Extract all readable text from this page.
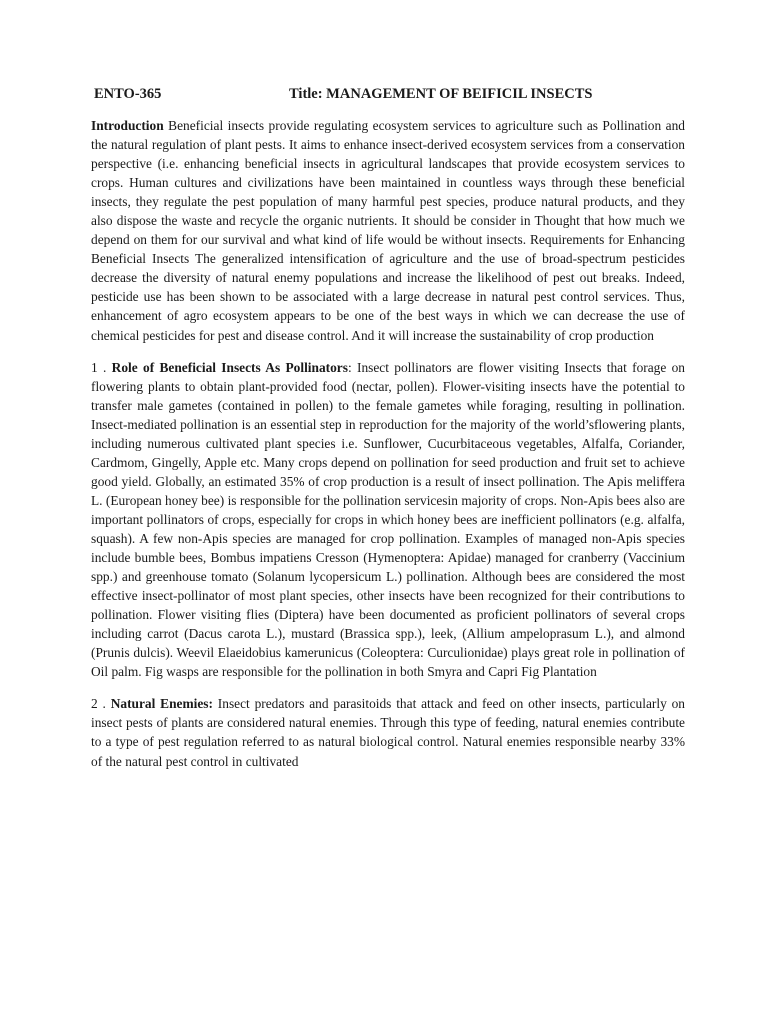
ENTO-365	Title: MANAGEMENT OF BEIFICIL INSECTS

Introduction Beneficial insects provide regulating ecosystem services to agriculture such as Pollination and the natural regulation of plant pests. It aims to enhance insect-derived ecosystem services from a conservation perspective (i.e. enhancing beneficial insects in agricultural landscapes that provide ecosystem services to crops. Human cultures and civilizations have been maintained in countless ways through these beneficial insects, they regulate the pest population of many harmful pest species, produce natural products, and they also dispose the waste and recycle the organic nutrients. It should be consider in Thought that how much we depend on them for our survival and what kind of life would be without insects. Requirements for Enhancing Beneficial Insects The generalized intensification of agriculture and the use of broad-spectrum pesticides decrease the diversity of natural enemy populations and increase the likelihood of pest out breaks. Indeed, pesticide use has been shown to be associated with a large decrease in natural pest control services. Thus, enhancement of agro ecosystem appears to be one of the best ways in which we can decrease the use of chemical pesticides for pest and disease control. And it will increase the sustainability of crop production

1 . Role of Beneficial Insects As Pollinators: Insect pollinators are flower visiting Insects that forage on flowering plants to obtain plant-provided food (nectar, pollen). Flower-visiting insects have the potential to transfer male gametes (contained in pollen) to the female gametes while foraging, resulting in pollination. Insect-mediated pollination is an essential step in reproduction for the majority of the world’sflowering plants, including numerous cultivated plant species i.e. Sunflower, Cucurbitaceous vegetables, Alfalfa, Coriander, Cardmom, Gingelly, Apple etc. Many crops depend on pollination for seed production and fruit set to achieve good yield. Globally, an estimated 35% of crop production is a result of insect pollination. The Apis meliffera L. (European honey bee) is responsible for the pollination servicesin majority of crops. Non-Apis bees also are important pollinators of crops, especially for crops in which honey bees are inefficient pollinators (e.g. alfalfa, squash). A few non-Apis species are managed for crop pollination. Examples of managed non-Apis species include bumble bees, Bombus impatiens Cresson (Hymenoptera: Apidae) managed for cranberry (Vaccinium spp.) and greenhouse tomato (Solanum lycopersicum L.) pollination. Although bees are considered the most effective insect-pollinator of most plant species, other insects have been recognized for their contributions to pollination. Flower visiting flies (Diptera) have been documented as proficient pollinators of several crops including carrot (Dacus carota L.), mustard (Brassica spp.), leek, (Allium ampeloprasum L.), and almond (Prunis dulcis). Weevil Elaeidobius kamerunicus (Coleoptera: Curculionidae) plays great role in pollination of Oil palm. Fig wasps are responsible for the pollination in both Smyra and Capri Fig Plantation

2 . Natural Enemies: Insect predators and parasitoids that attack and feed on other insects, particularly on insect pests of plants are considered natural enemies. Through this type of feeding, natural enemies contribute to a type of pest regulation referred to as natural biological control. Natural enemies responsible nearby 33% of the natural pest control in cultivated
